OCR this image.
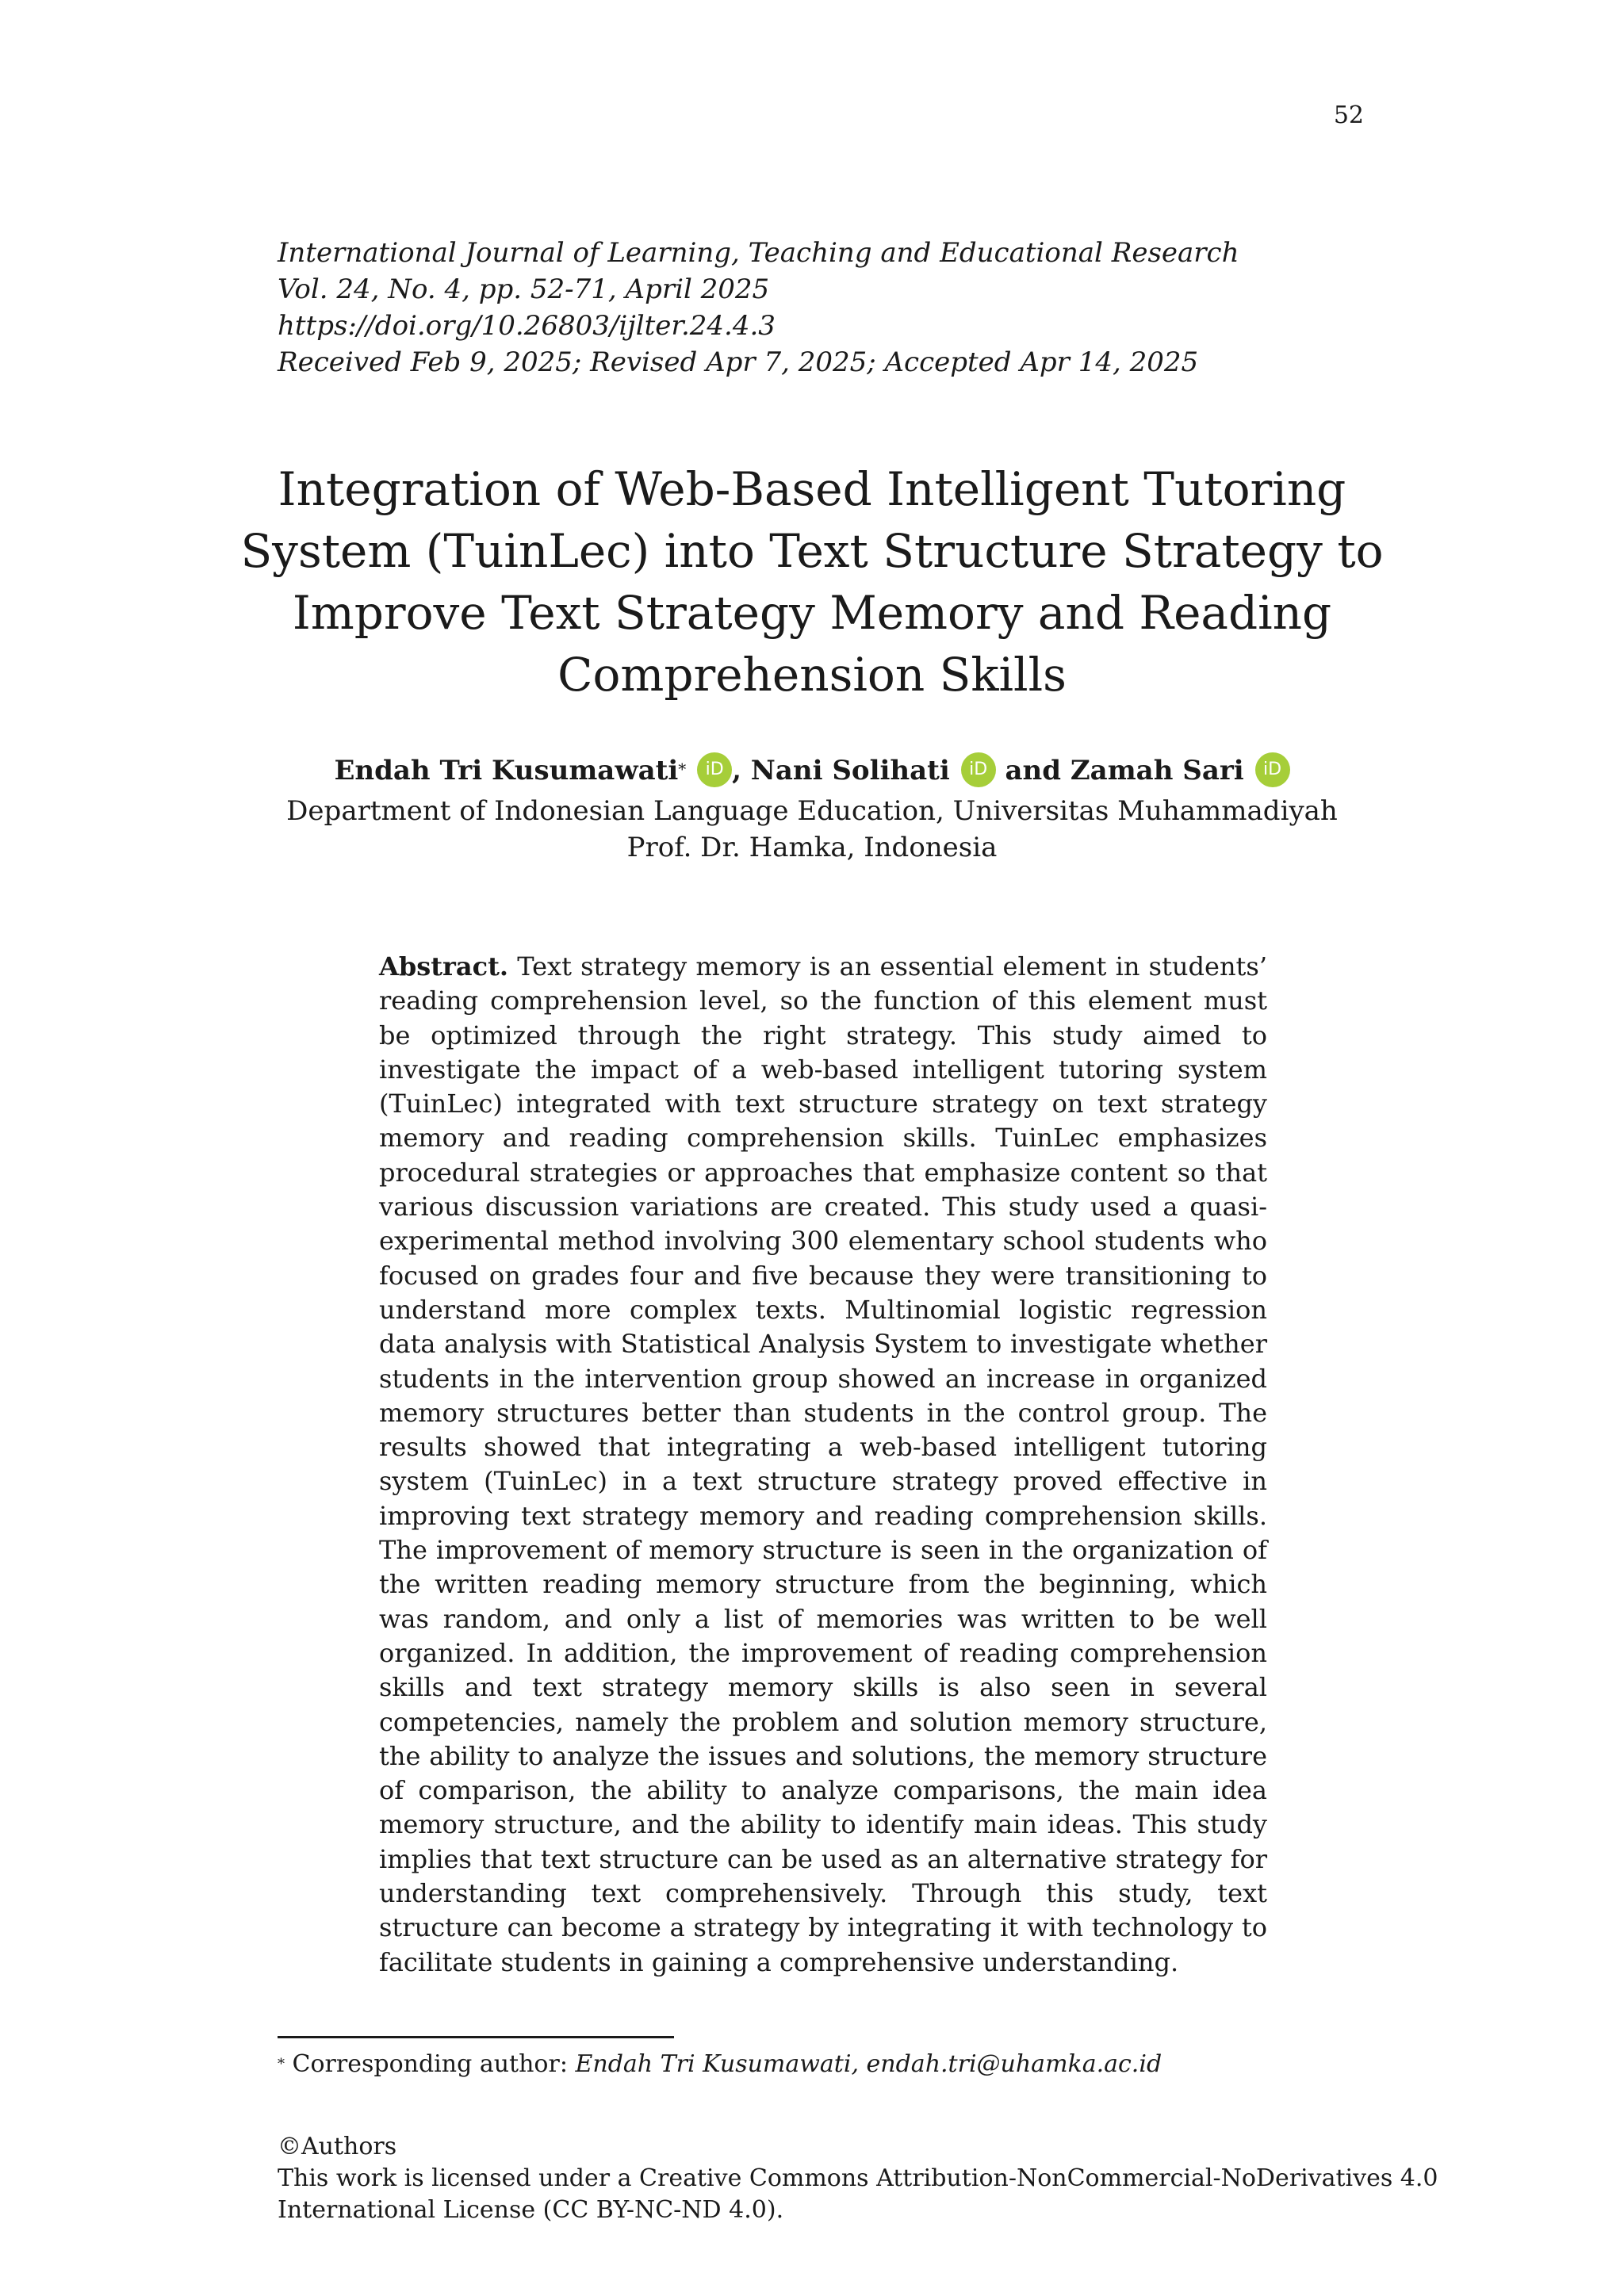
52
International Journal of Learning, Teaching and Educational Research
Vol. 24, No. 4, pp. 52-71, April 2025
https://doi.org/10.26803/ijlter.24.4.3
Received Feb 9, 2025; Revised Apr 7, 2025; Accepted Apr 14, 2025
Integration of Web-Based Intelligent Tutoring
System (TuinLec) into Text Structure Strategy to
Improve Text Strategy Memory and Reading
Comprehension Skills
Endah Tri Kusumawati* iD , Nani Solihati iD and Zamah Sari iD
Department of Indonesian Language Education, Universitas Muhammadiyah
Prof. Dr. Hamka, Indonesia

Abstract. Text strategy memory is an essential element in students’ reading comprehension level, so the function of this element must be optimized through the right strategy. This study aimed to investigate the impact of a web-based intelligent tutoring system (TuinLec) integrated with text structure strategy on text strategy memory and reading comprehension skills. TuinLec emphasizes procedural strategies or approaches that emphasize content so that various discussion variations are created. This study used a quasi-experimental method involving 300 elementary school students who focused on grades four and five because they were transitioning to understand more complex texts. Multinomial logistic regression data analysis with Statistical Analysis System to investigate whether students in the intervention group showed an increase in organized memory structures better than students in the control group. The results showed that integrating a web-based intelligent tutoring system (TuinLec) in a text structure strategy proved effective in improving text strategy memory and reading comprehension skills. The improvement of memory structure is seen in the organization of the written reading memory structure from the beginning, which was random, and only a list of memories was written to be well organized. In addition, the improvement of reading comprehension skills and text strategy memory skills is also seen in several competencies, namely the problem and solution memory structure, the ability to analyze the issues and solutions, the memory structure of comparison, the ability to analyze comparisons, the main idea memory structure, and the ability to identify main ideas. This study implies that text structure can be used as an alternative strategy for understanding text comprehensively. Through this study, text structure can become a strategy by integrating it with technology to facilitate students in gaining a comprehensive understanding.

* Corresponding author: Endah Tri Kusumawati, endah.tri@uhamka.ac.id
©Authors
This work is licensed under a Creative Commons Attribution-NonCommercial-NoDerivatives 4.0
International License (CC BY-NC-ND 4.0).
